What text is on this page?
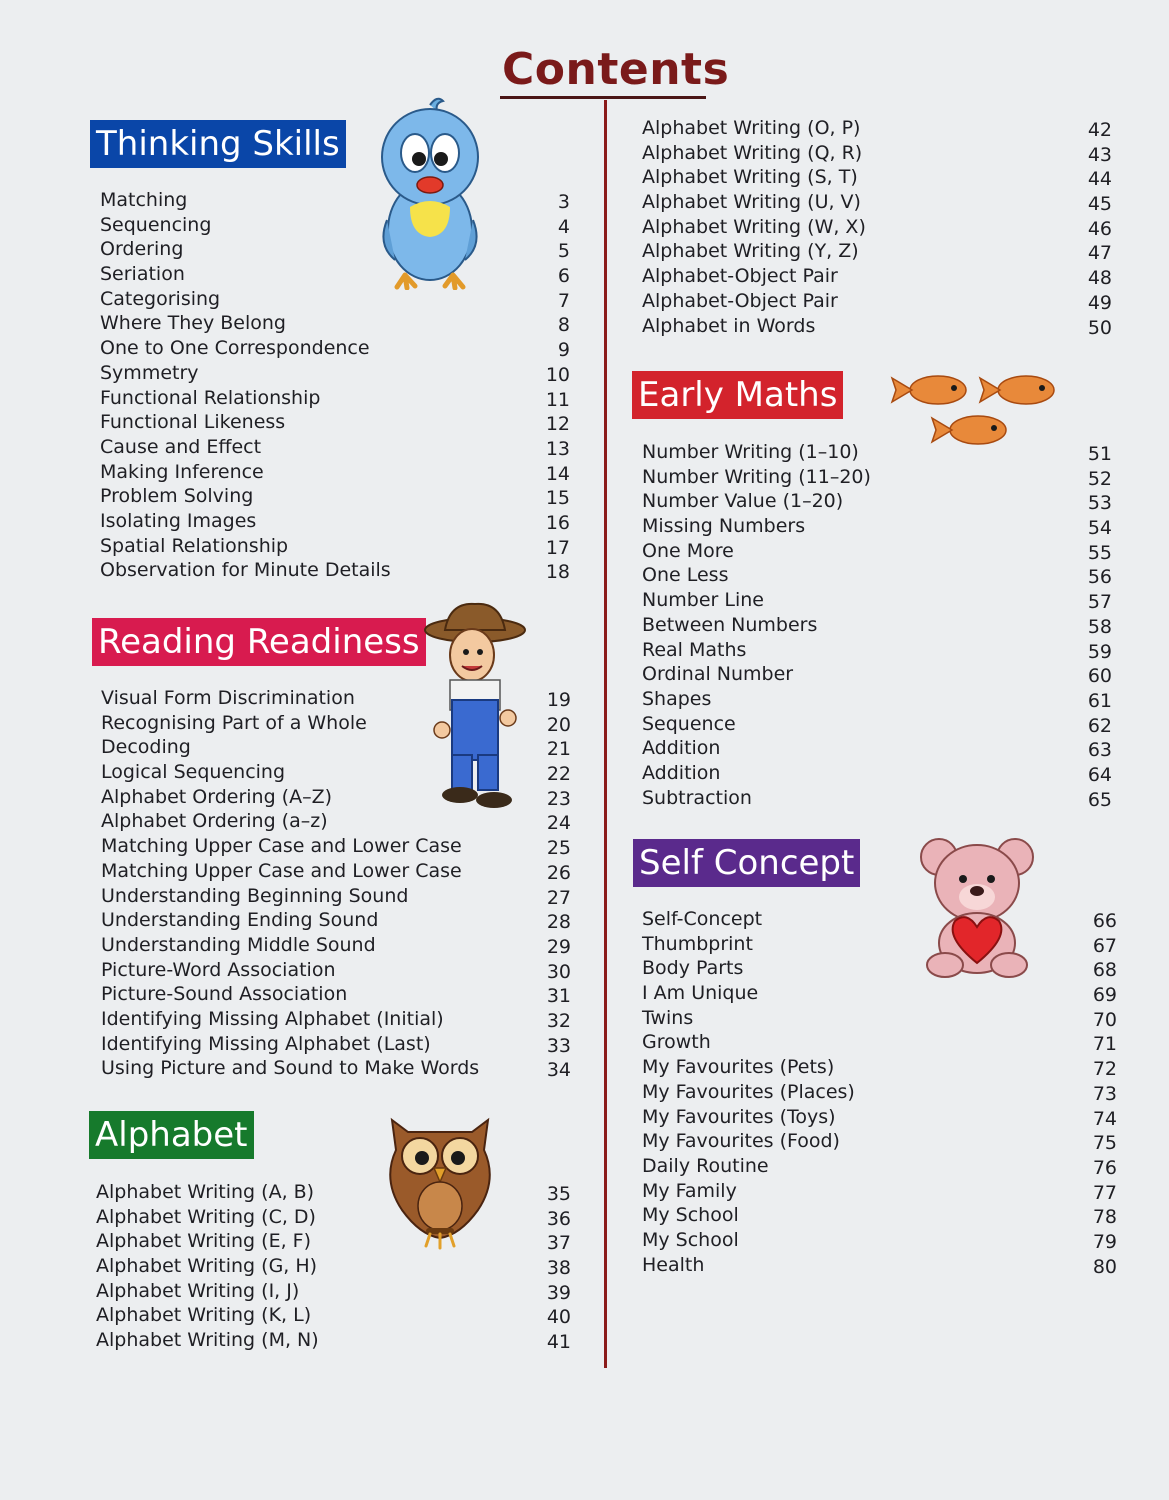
Contents
Thinking Skills
Matching	3
Sequencing	4
Ordering	5
Seriation	6
Categorising	7
Where They Belong	8
One to One Correspondence	9
Symmetry	10
Functional Relationship	11
Functional Likeness	12
Cause and Effect	13
Making Inference	14
Problem Solving	15
Isolating Images	16
Spatial Relationship	17
Observation for Minute Details	18
Reading Readiness
Visual Form Discrimination	19
Recognising Part of a Whole	20
Decoding	21
Logical Sequencing	22
Alphabet Ordering (A–Z)	23
Alphabet Ordering (a–z)	24
Matching Upper Case and Lower Case	25
Matching Upper Case and Lower Case	26
Understanding Beginning Sound	27
Understanding Ending Sound	28
Understanding Middle Sound	29
Picture-Word Association	30
Picture-Sound Association	31
Identifying Missing Alphabet (Initial)	32
Identifying Missing Alphabet (Last)	33
Using Picture and Sound to Make Words	34
Alphabet
Alphabet Writing (A, B)	35
Alphabet Writing (C, D)	36
Alphabet Writing (E, F)	37
Alphabet Writing (G, H)	38
Alphabet Writing (I, J)	39
Alphabet Writing (K, L)	40
Alphabet Writing (M, N)	41
Alphabet Writing (O, P)	42
Alphabet Writing (Q, R)	43
Alphabet Writing (S, T)	44
Alphabet Writing (U, V)	45
Alphabet Writing (W, X)	46
Alphabet Writing (Y, Z)	47
Alphabet-Object Pair	48
Alphabet-Object Pair	49
Alphabet in Words	50
Early Maths
Number Writing (1–10)	51
Number Writing (11–20)	52
Number Value (1–20)	53
Missing Numbers	54
One More	55
One Less	56
Number Line	57
Between Numbers	58
Real Maths	59
Ordinal Number	60
Shapes	61
Sequence	62
Addition	63
Addition	64
Subtraction	65
Self Concept
Self-Concept	66
Thumbprint	67
Body Parts	68
I Am Unique	69
Twins	70
Growth	71
My Favourites (Pets)	72
My Favourites (Places)	73
My Favourites (Toys)	74
My Favourites (Food)	75
Daily Routine	76
My Family	77
My School	78
My School	79
Health	80
